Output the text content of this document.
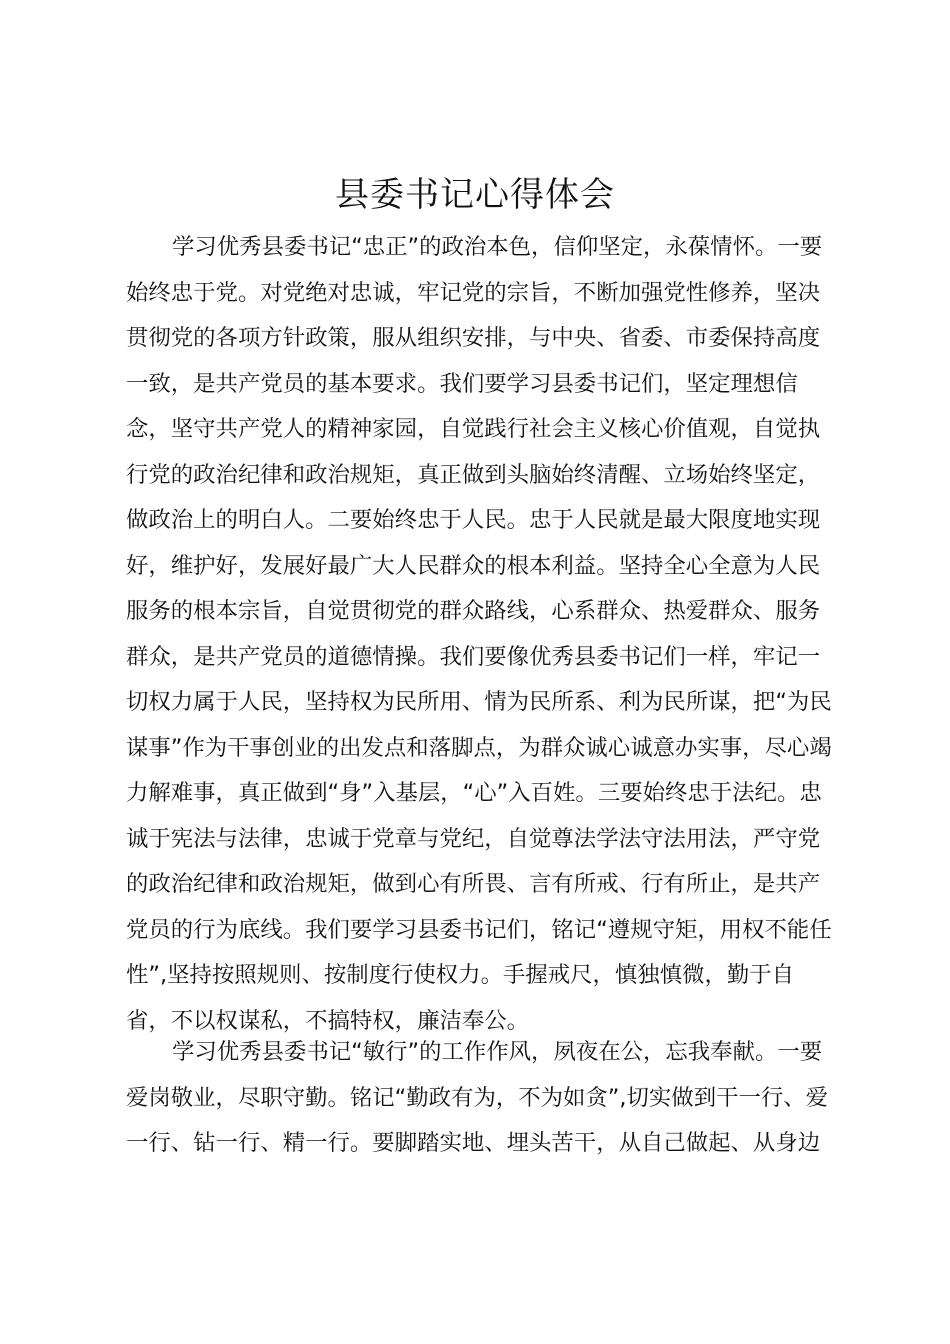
县委书记心得体会
学习优秀县委书记“忠正”的政治本色，信仰坚定，永葆情怀。一要
始终忠于党。对党绝对忠诚，牢记党的宗旨，不断加强党性修养，坚决
贯彻党的各项方针政策，服从组织安排，与中央、省委、市委保持高度
一致，是共产党员的基本要求。我们要学习县委书记们，坚定理想信
念，坚守共产党人的精神家园，自觉践行社会主义核心价值观，自觉执
行党的政治纪律和政治规矩，真正做到头脑始终清醒、立场始终坚定，
做政治上的明白人。二要始终忠于人民。忠于人民就是最大限度地实现
好，维护好，发展好最广大人民群众的根本利益。坚持全心全意为人民
服务的根本宗旨，自觉贯彻党的群众路线，心系群众、热爱群众、服务
群众，是共产党员的道德情操。我们要像优秀县委书记们一样，牢记一
切权力属于人民，坚持权为民所用、情为民所系、利为民所谋，把“为民
谋事”作为干事创业的出发点和落脚点，为群众诚心诚意办实事，尽心竭
力解难事，真正做到“身”入基层，“心”入百姓。三要始终忠于法纪。忠
诚于宪法与法律，忠诚于党章与党纪，自觉尊法学法守法用法，严守党
的政治纪律和政治规矩，做到心有所畏、言有所戒、行有所止，是共产
党员的行为底线。我们要学习县委书记们，铭记“遵规守矩，用权不能任
性”,坚持按照规则、按制度行使权力。手握戒尺，慎独慎微，勤于自
省，不以权谋私，不搞特权，廉洁奉公。
学习优秀县委书记“敏行”的工作作风，夙夜在公，忘我奉献。一要
爱岗敬业，尽职守勤。铭记“勤政有为，不为如贪”,切实做到干一行、爱
一行、钻一行、精一行。要脚踏实地、埋头苦干，从自己做起、从身边
